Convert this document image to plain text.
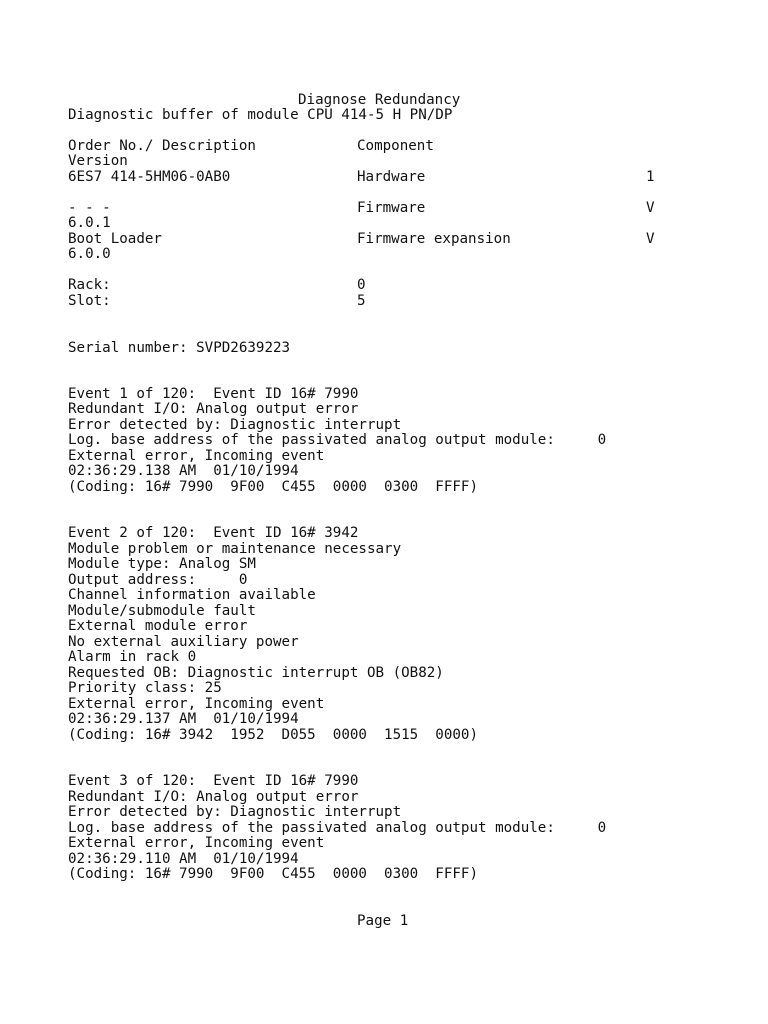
Diagnose Redundancy
Diagnostic buffer of module CPU 414-5 H PN/DP
Order No./ Description	Component
Version
6ES7 414-5HM06-0AB0	Hardware	1
- - -	Firmware	V
6.0.1
Boot Loader	Firmware expansion	V
6.0.0
Rack:	0
Slot:	5
Serial number: SVPD2639223
Event 1 of 120:  Event ID 16# 7990
Redundant I/O: Analog output error
Error detected by: Diagnostic interrupt
Log. base address of the passivated analog output module:     0
External error, Incoming event
02:36:29.138 AM  01/10/1994
(Coding: 16# 7990  9F00  C455  0000  0300  FFFF)
Event 2 of 120:  Event ID 16# 3942
Module problem or maintenance necessary
Module type: Analog SM
Output address:     0
Channel information available
Module/submodule fault
External module error
No external auxiliary power
Alarm in rack 0
Requested OB: Diagnostic interrupt OB (OB82)
Priority class: 25
External error, Incoming event
02:36:29.137 AM  01/10/1994
(Coding: 16# 3942  1952  D055  0000  1515  0000)
Event 3 of 120:  Event ID 16# 7990
Redundant I/O: Analog output error
Error detected by: Diagnostic interrupt
Log. base address of the passivated analog output module:     0
External error, Incoming event
02:36:29.110 AM  01/10/1994
(Coding: 16# 7990  9F00  C455  0000  0300  FFFF)
Page 1
